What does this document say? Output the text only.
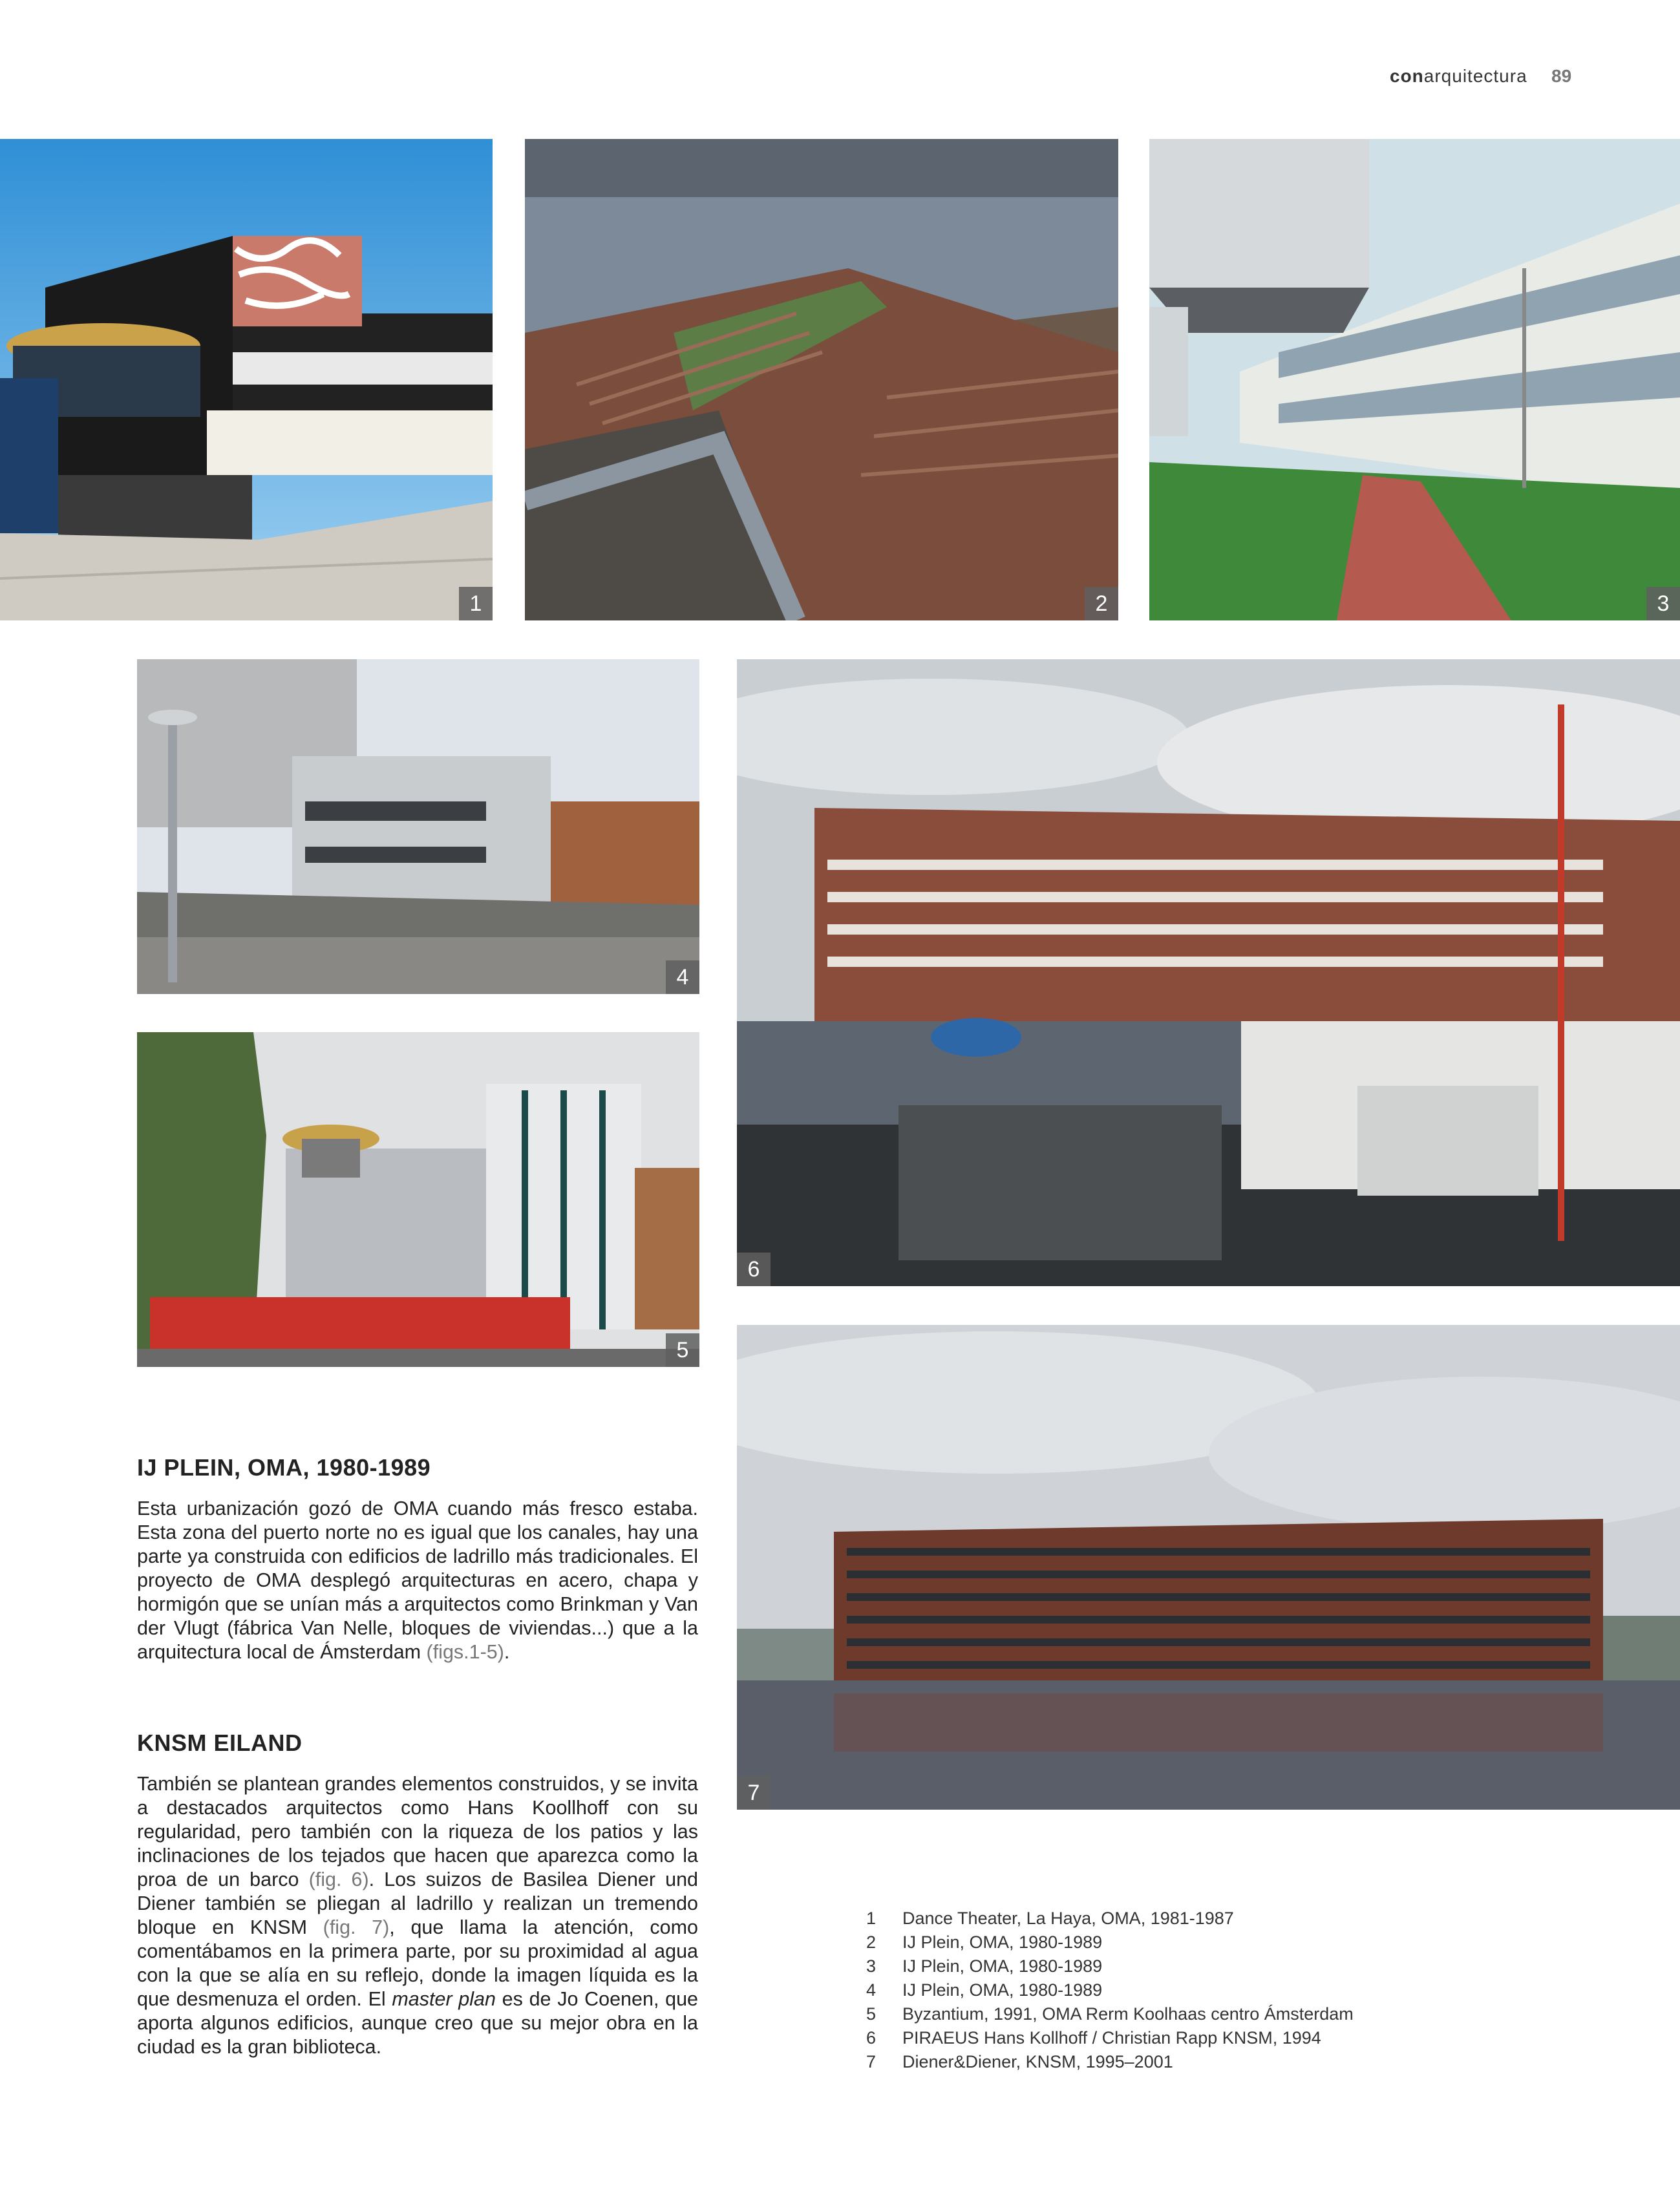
conarquitectura 89
1	2	3
4
5
6
7
IJ PLEIN, OMA, 1980-1989

Esta urbanización gozó de OMA cuando más fresco estaba. Esta zona del puerto norte no es igual que los canales, hay una parte ya construida con edificios de ladrillo más tradicionales. El proyecto de OMA desplegó arquitecturas en acero, chapa y hormigón que se unían más a arquitectos como Brinkman y Van der Vlugt (fábrica Van Nelle, bloques de viviendas...) que a la arquitectura local de Ámsterdam (figs.1-5).

KNSM EILAND

También se plantean grandes elementos construidos, y se invita a destacados arquitectos como Hans Koollhoff con su regularidad, pero también con la riqueza de los patios y las inclinaciones de los tejados que hacen que aparezca como la proa de un barco (fig. 6). Los suizos de Basilea Diener und Diener también se pliegan al ladrillo y realizan un tremendo bloque en KNSM (fig. 7), que llama la atención, como comentábamos en la primera parte, por su proximidad al agua con la que se alía en su reflejo, donde la imagen líquida es la que desmenuza el orden. El master plan es de Jo Coenen, que aporta algunos edificios, aunque creo que su mejor obra en la ciudad es la gran biblioteca.

1	Dance Theater, La Haya, OMA, 1981-1987
2	IJ Plein, OMA, 1980-1989
3	IJ Plein, OMA, 1980-1989
4	IJ Plein, OMA, 1980-1989
5	Byzantium, 1991, OMA Rerm Koolhaas centro Ámsterdam
6	PIRAEUS Hans Kollhoff / Christian Rapp KNSM, 1994
7	Diener&Diener, KNSM, 1995–2001
